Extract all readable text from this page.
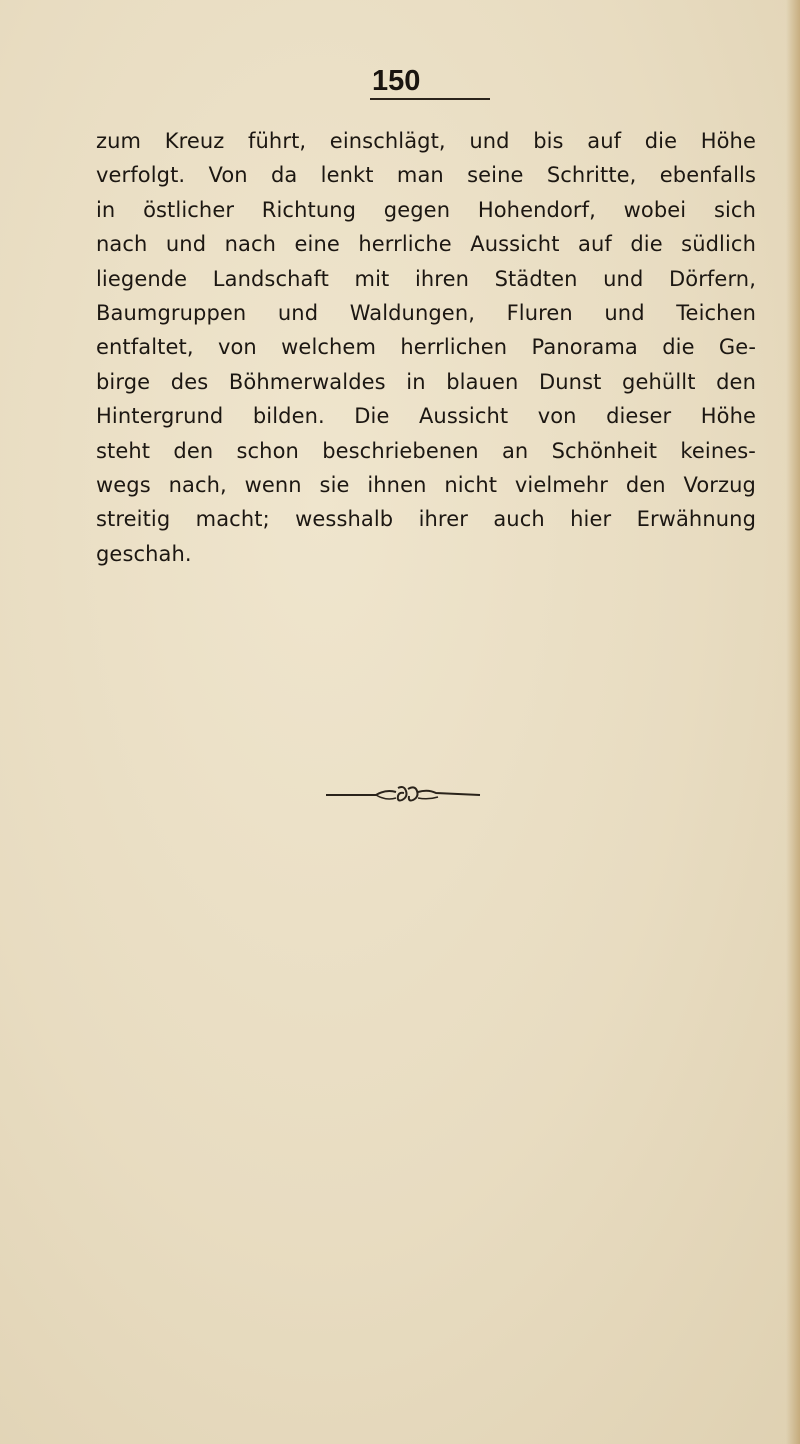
150
zum Kreuz führt, einschlägt, und bis auf die Höhe
verfolgt. Von da lenkt man seine Schritte, ebenfalls
in östlicher Richtung gegen Hohendorf, wobei sich
nach und nach eine herrliche Aussicht auf die südlich
liegende Landschaft mit ihren Städten und Dörfern,
Baumgruppen und Waldungen, Fluren und Teichen
entfaltet, von welchem herrlichen Panorama die Ge-
birge des Böhmerwaldes in blauen Dunst gehüllt den
Hintergrund bilden. Die Aussicht von dieser Höhe
steht den schon beschriebenen an Schönheit keines-
wegs nach, wenn sie ihnen nicht vielmehr den Vorzug
streitig macht; wesshalb ihrer auch hier Erwähnung
geschah.
